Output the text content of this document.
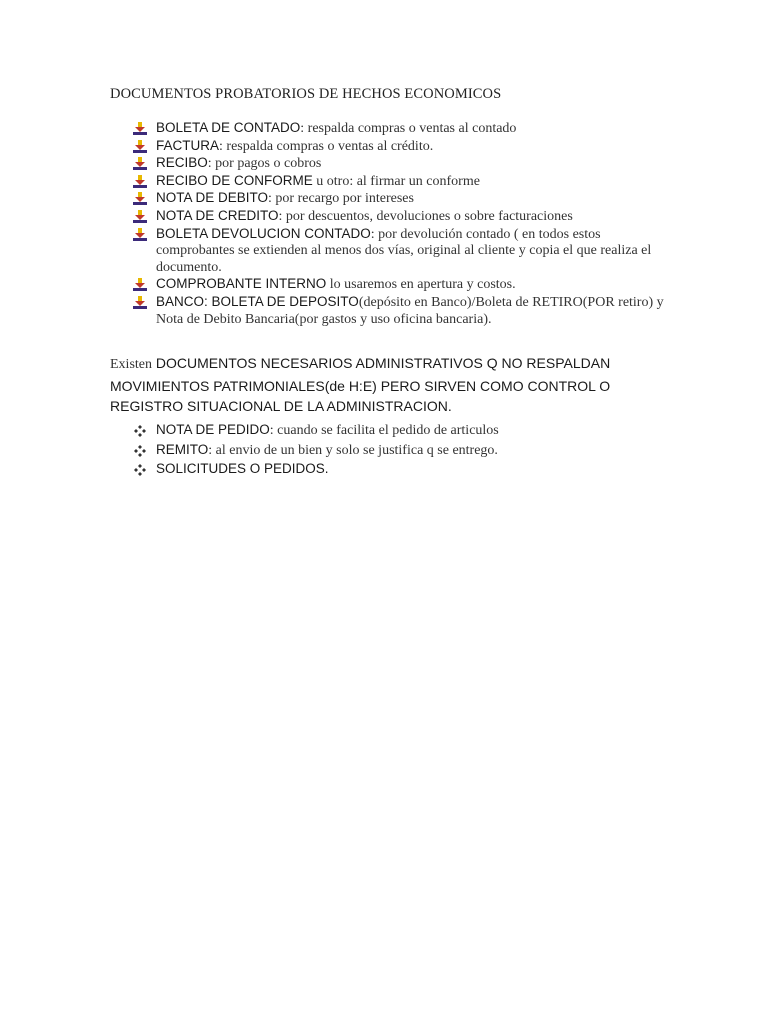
DOCUMENTOS PROBATORIOS DE HECHOS ECONOMICOS
BOLETA DE CONTADO: respalda compras o ventas al contado
FACTURA: respalda compras o ventas al crédito.
RECIBO: por pagos o cobros
RECIBO DE CONFORME u otro: al firmar un conforme
NOTA DE DEBITO: por recargo por intereses
NOTA DE CREDITO: por descuentos, devoluciones o sobre facturaciones
BOLETA DEVOLUCION CONTADO: por devolución contado ( en todos estos comprobantes se extienden al menos dos vías, original al cliente y copia el que realiza el documento.
COMPROBANTE INTERNO lo usaremos en apertura y costos.
BANCO: BOLETA DE DEPOSITO(depósito en Banco)/Boleta de RETIRO(POR retiro) y Nota de Debito Bancaria(por gastos y uso oficina bancaria).
Existen DOCUMENTOS NECESARIOS ADMINISTRATIVOS Q NO RESPALDAN MOVIMIENTOS PATRIMONIALES(de H:E) PERO SIRVEN COMO CONTROL O REGISTRO SITUACIONAL DE LA ADMINISTRACION.
NOTA DE PEDIDO: cuando se facilita el pedido de articulos
REMITO: al envio de un bien y solo se justifica q se entrego.
SOLICITUDES O PEDIDOS.
